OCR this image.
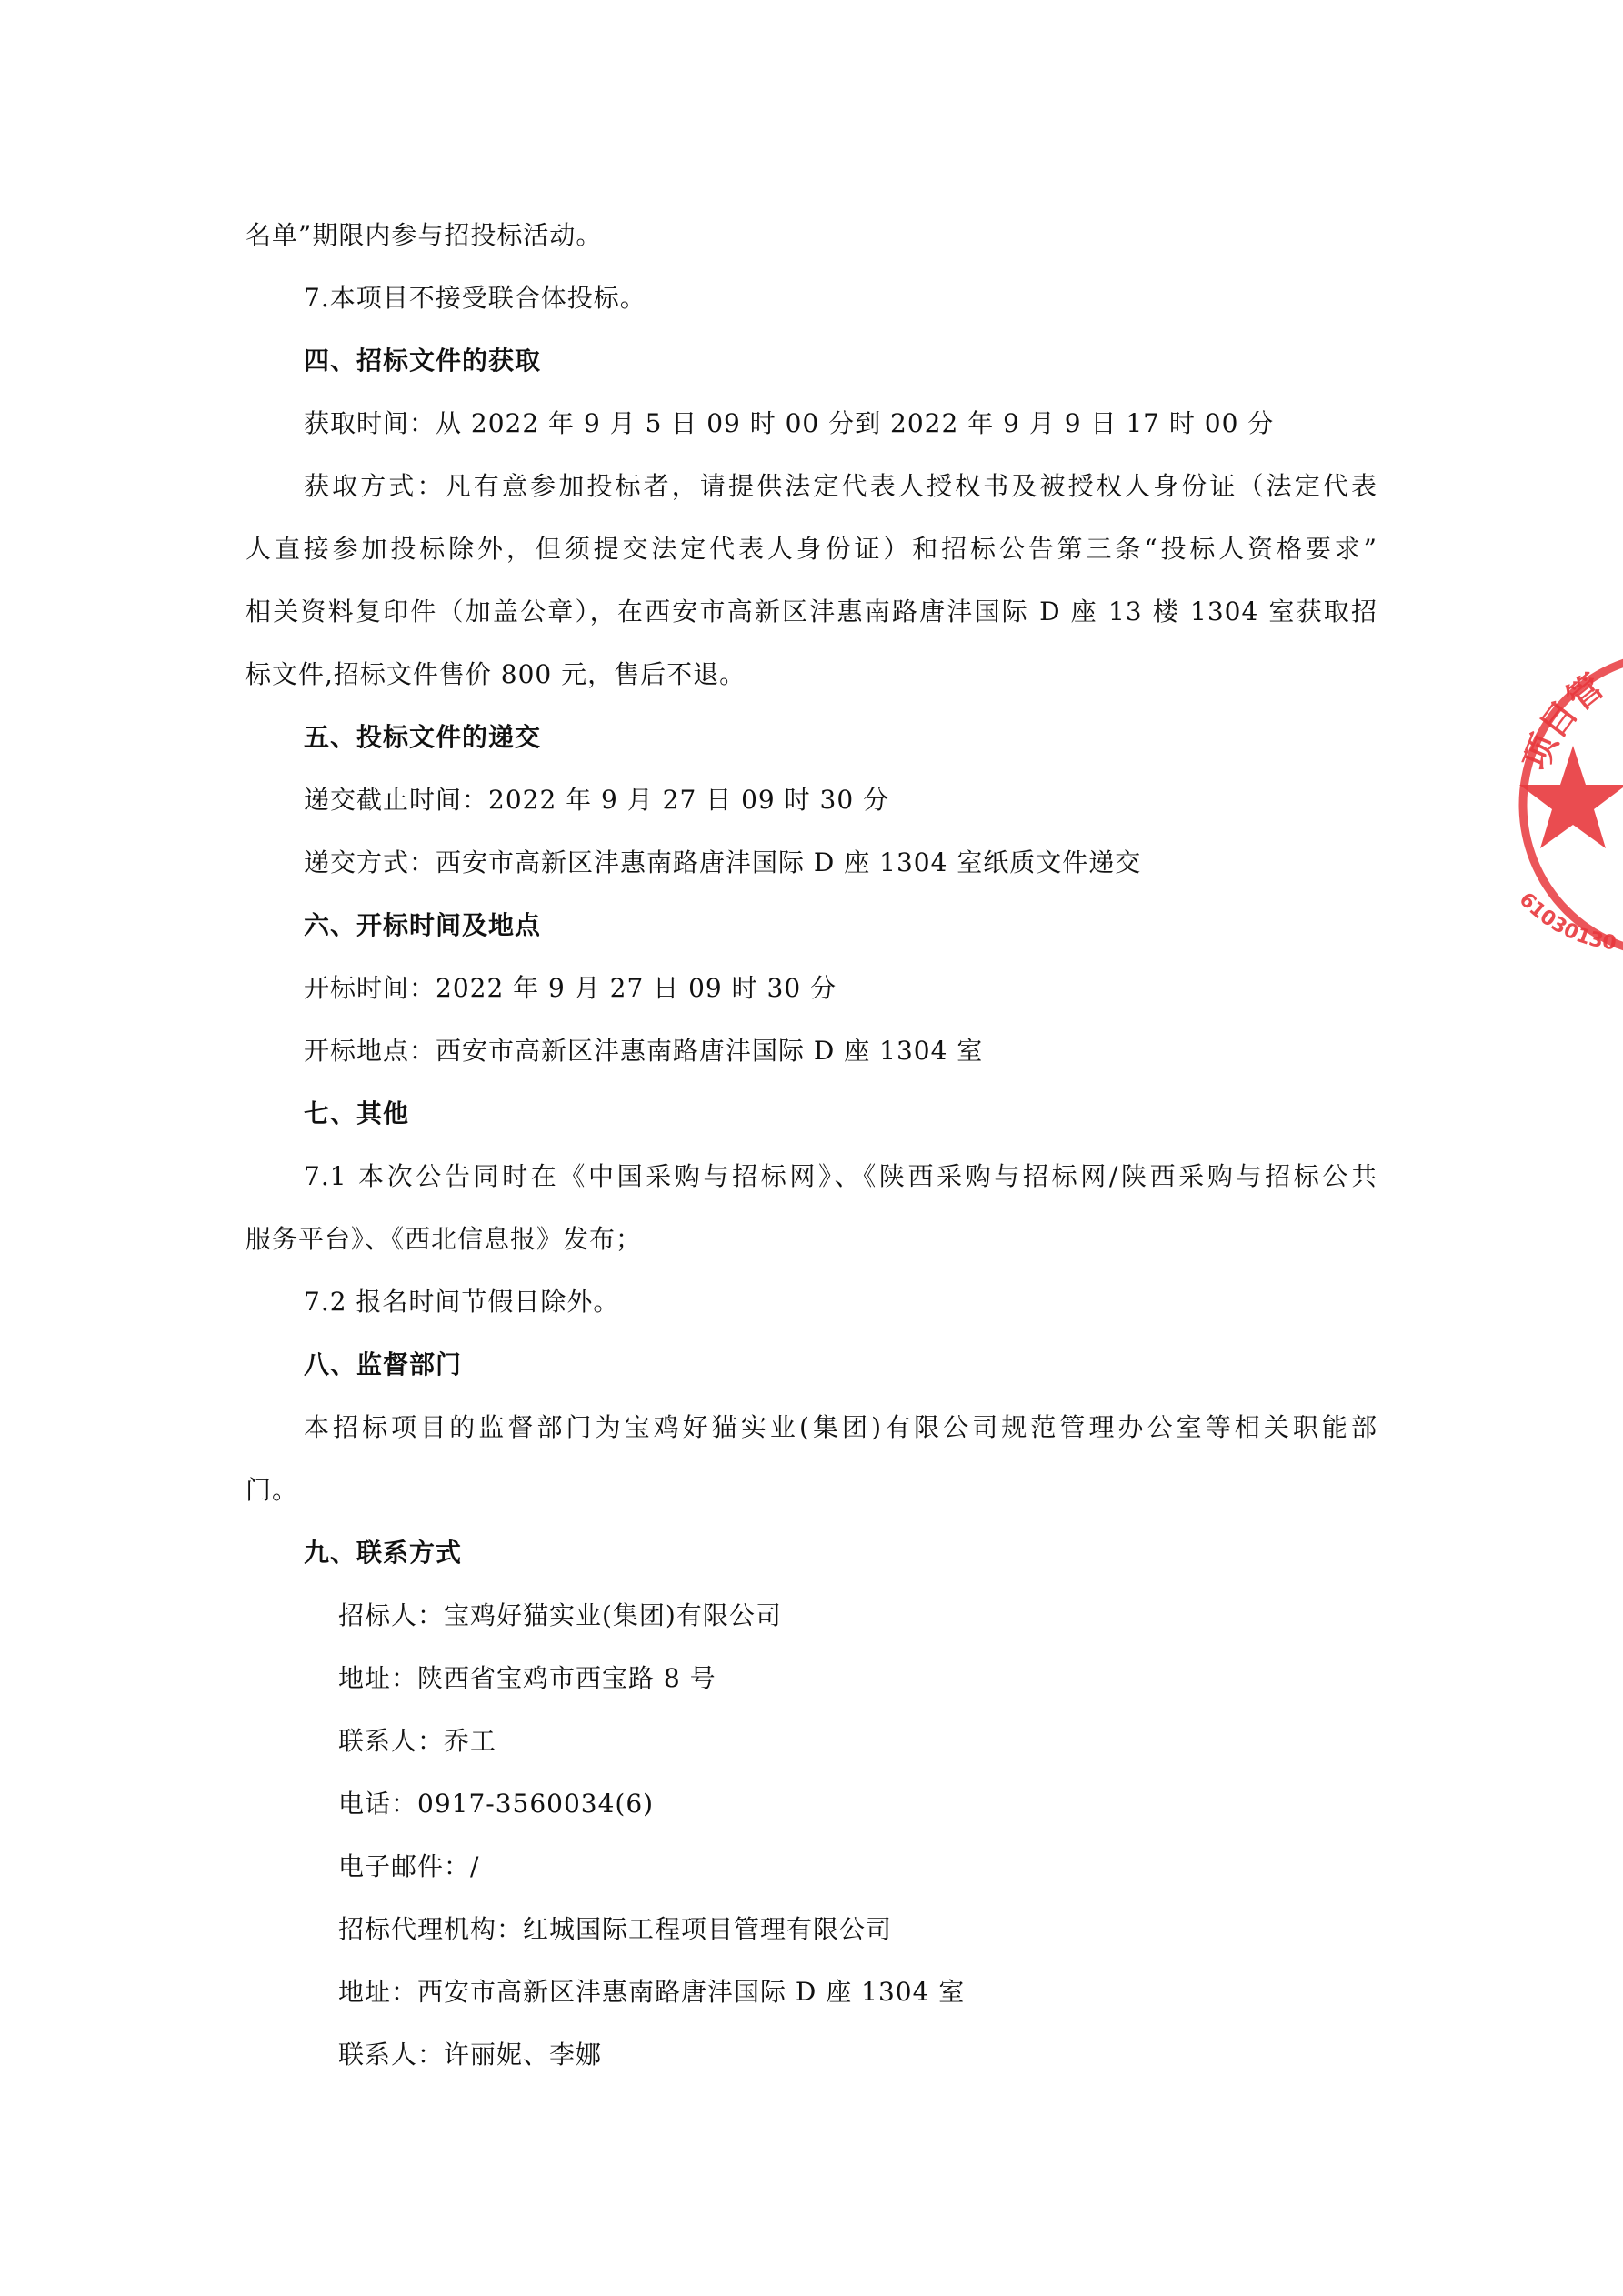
名单”期限内参与招投标活动。
7.本项目不接受联合体投标。
四、招标文件的获取
获取时间：从 2022 年 9 月 5 日 09 时 00 分到 2022 年 9 月 9 日 17 时 00 分
获取方式：凡有意参加投标者，请提供法定代表人授权书及被授权人身份证（法定代表
人直接参加投标除外，但须提交法定代表人身份证）和招标公告第三条“投标人资格要求”
相关资料复印件（加盖公章），在西安市高新区沣惠南路唐沣国际 D 座 13 楼 1304 室获取招
标文件,招标文件售价 800 元，售后不退。
五、投标文件的递交
递交截止时间：2022 年 9 月 27 日 09 时 30 分
递交方式：西安市高新区沣惠南路唐沣国际 D 座 1304 室纸质文件递交
六、开标时间及地点
开标时间：2022 年 9 月 27 日 09 时 30 分
开标地点：西安市高新区沣惠南路唐沣国际 D 座 1304 室
七、其他
7.1 本次公告同时在《中国采购与招标网》、《陕西采购与招标网/陕西采购与招标公共
服务平台》、《西北信息报》发布；
7.2 报名时间节假日除外。
八、监督部门
本招标项目的监督部门为宝鸡好猫实业(集团)有限公司规范管理办公室等相关职能部
门。
九、联系方式
招标人：宝鸡好猫实业(集团)有限公司
地址：陕西省宝鸡市西宝路 8 号
联系人：乔工
电话：0917-3560034(6)
电子邮件：/
招标代理机构：红城国际工程项目管理有限公司
地址：西安市高新区沣惠南路唐沣国际 D 座 1304 室
联系人：许丽妮、李娜
项目管
61030130
